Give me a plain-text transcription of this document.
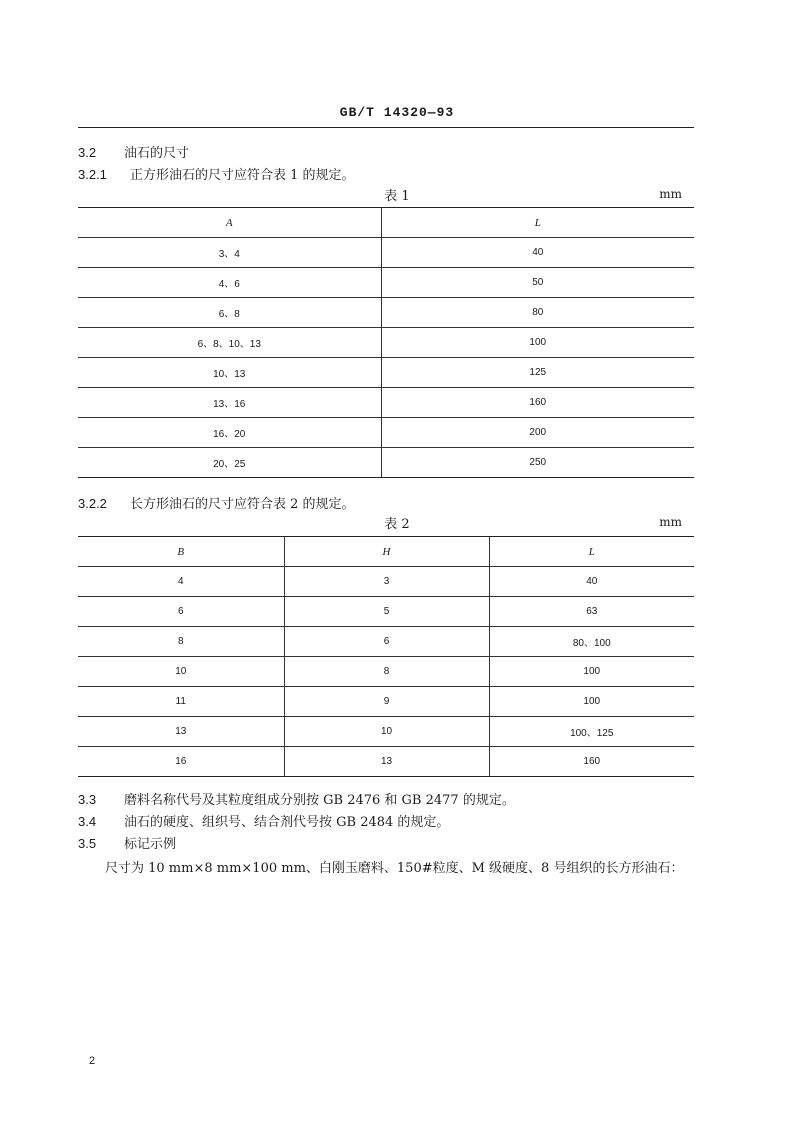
GB/T 14320—93
3.2 油石的尺寸
3.2.1 正方形油石的尺寸应符合表 1 的规定。
表 1	mm
A	L
3、4	40
4、6	50
6、8	80
6、8、10、13	100
10、13	125
13、16	160
16、20	200
20、25	250
3.2.2 长方形油石的尺寸应符合表 2 的规定。
表 2	mm
B	H	L
4	3	40
6	5	63
8	6	80、100
10	8	100
11	9	100
13	10	100、125
16	13	160
3.3 磨料名称代号及其粒度组成分别按 GB 2476 和 GB 2477 的规定。
3.4 油石的硬度、组织号、结合剂代号按 GB 2484 的规定。
3.5 标记示例
尺寸为 10 mm×8 mm×100 mm、白刚玉磨料、150#粒度、M 级硬度、8 号组织的长方形油石：
2
